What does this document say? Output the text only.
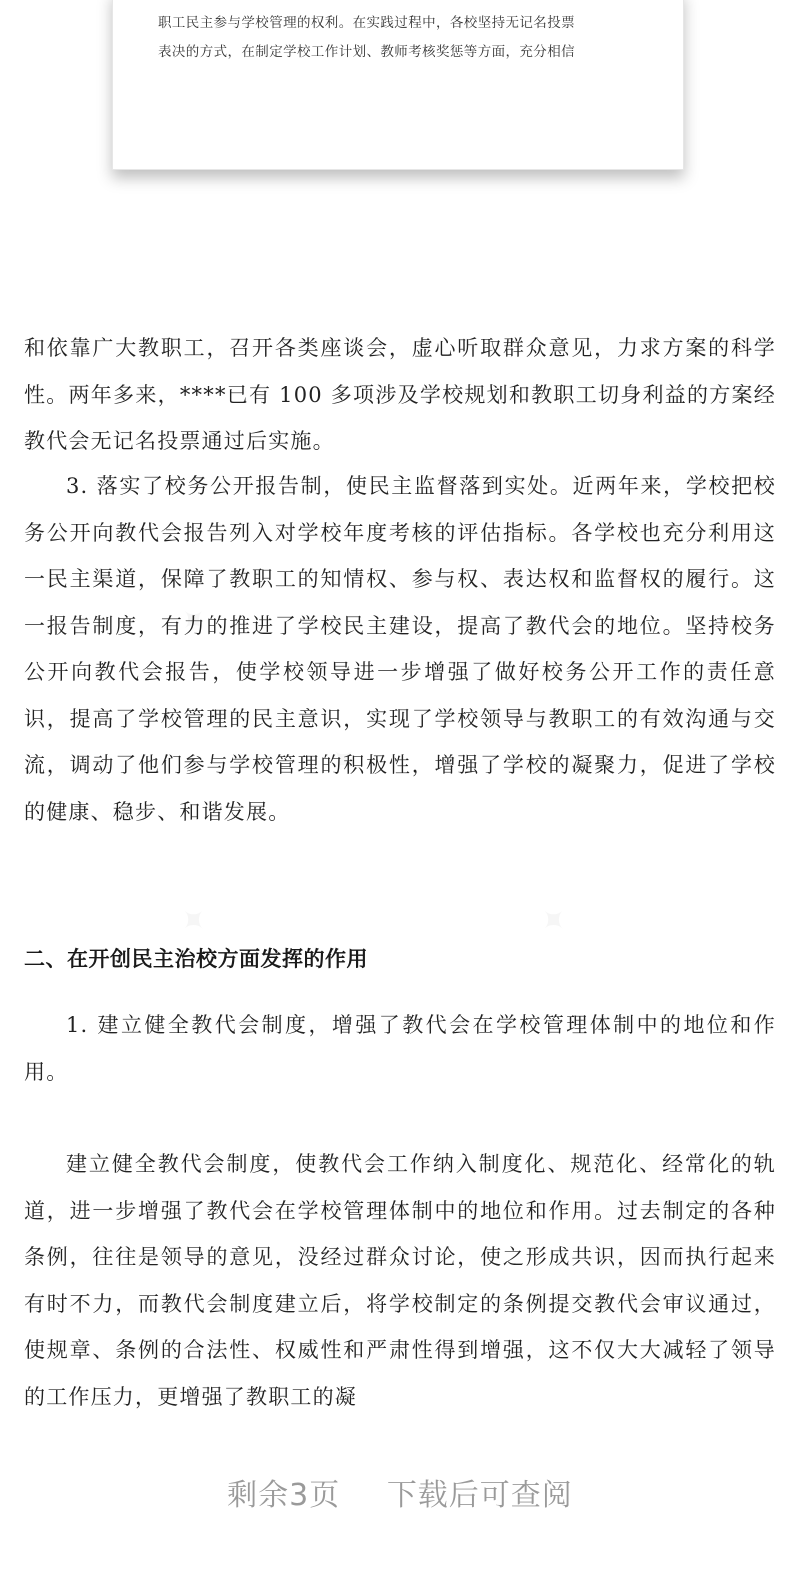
职工民主参与学校管理的权利。在实践过程中，各校坚持无记名投票

表决的方式，在制定学校工作计划、教师考核奖惩等方面，充分相信

和依靠广大教职工，召开各类座谈会，虚心听取群众意见，力求方案的科学性。两年多来，****已有 100 多项涉及学校规划和教职工切身利益的方案经教代会无记名投票通过后实施。

3. 落实了校务公开报告制，使民主监督落到实处。近两年来，学校把校务公开向教代会报告列入对学校年度考核的评估指标。各学校也充分利用这一民主渠道，保障了教职工的知情权、参与权、表达权和监督权的履行。这一报告制度，有力的推进了学校民主建设，提高了教代会的地位。坚持校务公开向教代会报告，使学校领导进一步增强了做好校务公开工作的责任意识，提高了学校管理的民主意识，实现了学校领导与教职工的有效沟通与交流，调动了他们参与学校管理的积极性，增强了学校的凝聚力，促进了学校的健康、稳步、和谐发展。

二、在开创民主治校方面发挥的作用

1. 建立健全教代会制度，增强了教代会在学校管理体制中的地位和作用。

建立健全教代会制度，使教代会工作纳入制度化、规范化、经常化的轨道，进一步增强了教代会在学校管理体制中的地位和作用。过去制定的各种条例，往往是领导的意见，没经过群众讨论，使之形成共识，因而执行起来有时不力，而教代会制度建立后，将学校制定的条例提交教代会审议通过，使规章、条例的合法性、权威性和严肃性得到增强，这不仅大大减轻了领导的工作压力，更增强了教职工的凝

剩余3页 下载后可查阅
